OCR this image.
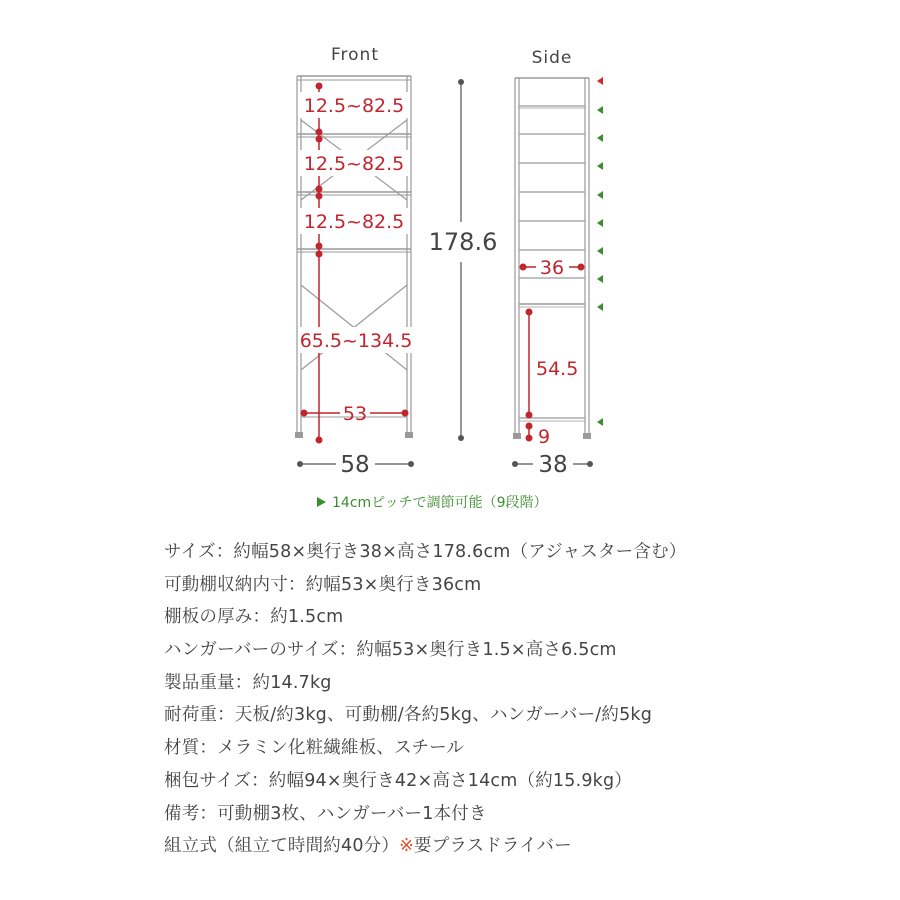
Front
12.5~82.5
12.5~82.5
12.5~82.5
65.5~134.5
53
58
178.6
Side
36
54.5
9
38
14cmピッチで調節可能（9段階）
サイズ：約幅58×奥行き38×高さ178.6cm（アジャスター含む）
可動棚収納内寸：約幅53×奥行き36cm
棚板の厚み：約1.5cm
ハンガーバーのサイズ：約幅53×奥行き1.5×高さ6.5cm
製品重量：約14.7kg
耐荷重：天板/約3kg、可動棚/各約5kg、ハンガーバー/約5kg
材質：メラミン化粧繊維板、スチール
梱包サイズ：約幅94×奥行き42×高さ14cm（約15.9kg）
備考：可動棚3枚、ハンガーバー1本付き
組立式（組立て時間約40分）※要プラスドライバー
